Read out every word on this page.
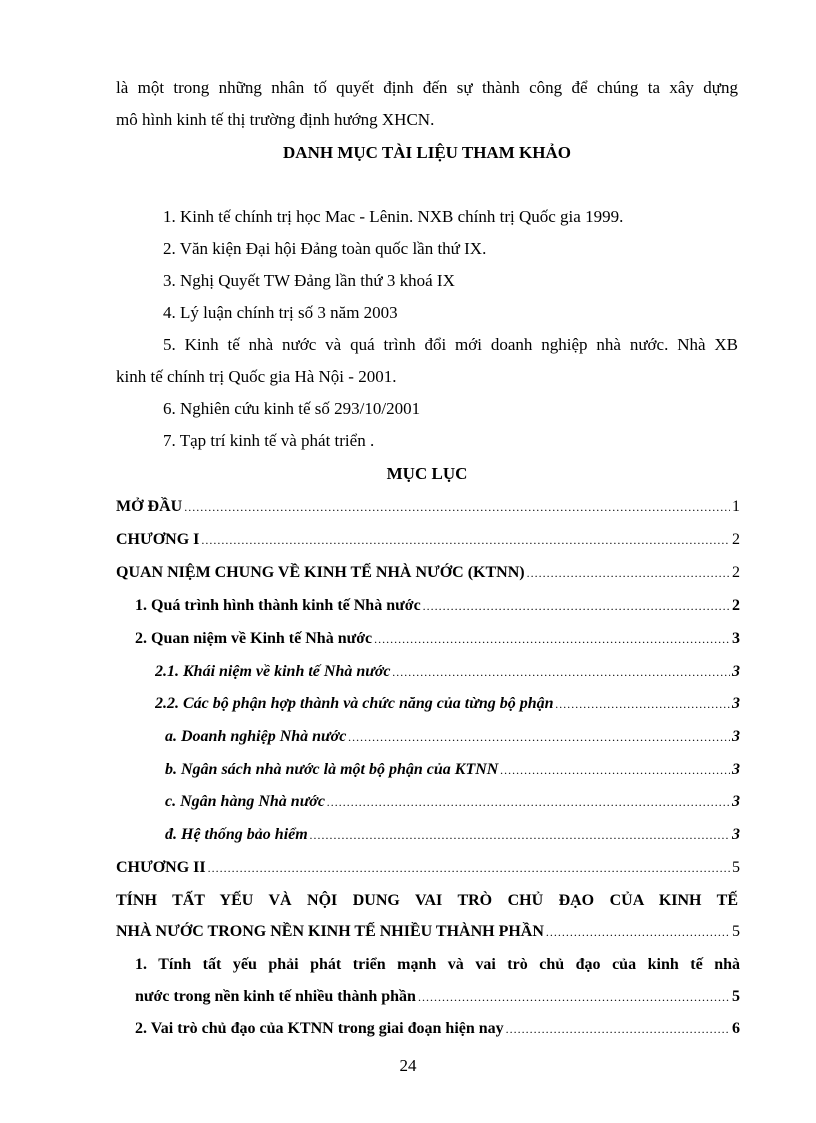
là một trong những nhân tố quyết định đến sự thành công để chúng ta xây dựng
mô hình kinh tế thị trường định hướng XHCN.
DANH MỤC TÀI LIỆU THAM KHẢO
1. Kinh tế chính trị học Mac - Lênin. NXB chính trị Quốc gia 1999.
2. Văn kiện Đại hội Đảng toàn quốc lần thứ IX.
3. Nghị Quyết TW Đảng lần thứ 3 khoá IX
4. Lý luận chính trị số 3 năm 2003
5. Kinh tế nhà nước và quá trình đổi mới doanh nghiệp nhà nước. Nhà XB
kinh tế chính trị Quốc gia Hà Nội - 2001.
6. Nghiên cứu kinh tế số 293/10/2001
7. Tạp trí kinh tế và phát triển .
MỤC LỤC
MỞ ĐẦU .....	1
CHƯƠNG I .....	2
QUAN NIỆM CHUNG VỀ KINH TẾ NHÀ NƯỚC (KTNN) .....	2
1. Quá trình hình thành kinh tế Nhà nước .....	2
2. Quan niệm về Kinh tế Nhà nước .....	3
2.1. Khái niệm về kinh tế Nhà nước .....	3
2.2. Các bộ phận hợp thành và chức năng của từng bộ phận .....	3
a. Doanh nghiệp Nhà nước .....	3
b. Ngân sách nhà nước là một bộ phận của KTNN .....	3
c. Ngân hàng Nhà nước .....	3
đ. Hệ thống bảo hiểm .....	3
CHƯƠNG II .....	5
TÍNH TẤT YẾU VÀ NỘI DUNG VAI TRÒ CHỦ ĐẠO CỦA KINH TẾ
NHÀ NƯỚC TRONG NỀN KINH TẾ NHIỀU THÀNH PHẦN .....	5
1. Tính tất yếu phải phát triển mạnh và vai trò chủ đạo của kinh tế nhà
nước trong nền kinh tế nhiều thành phần .....	5
2. Vai trò chủ đạo của KTNN trong giai đoạn hiện nay .....	6
24
